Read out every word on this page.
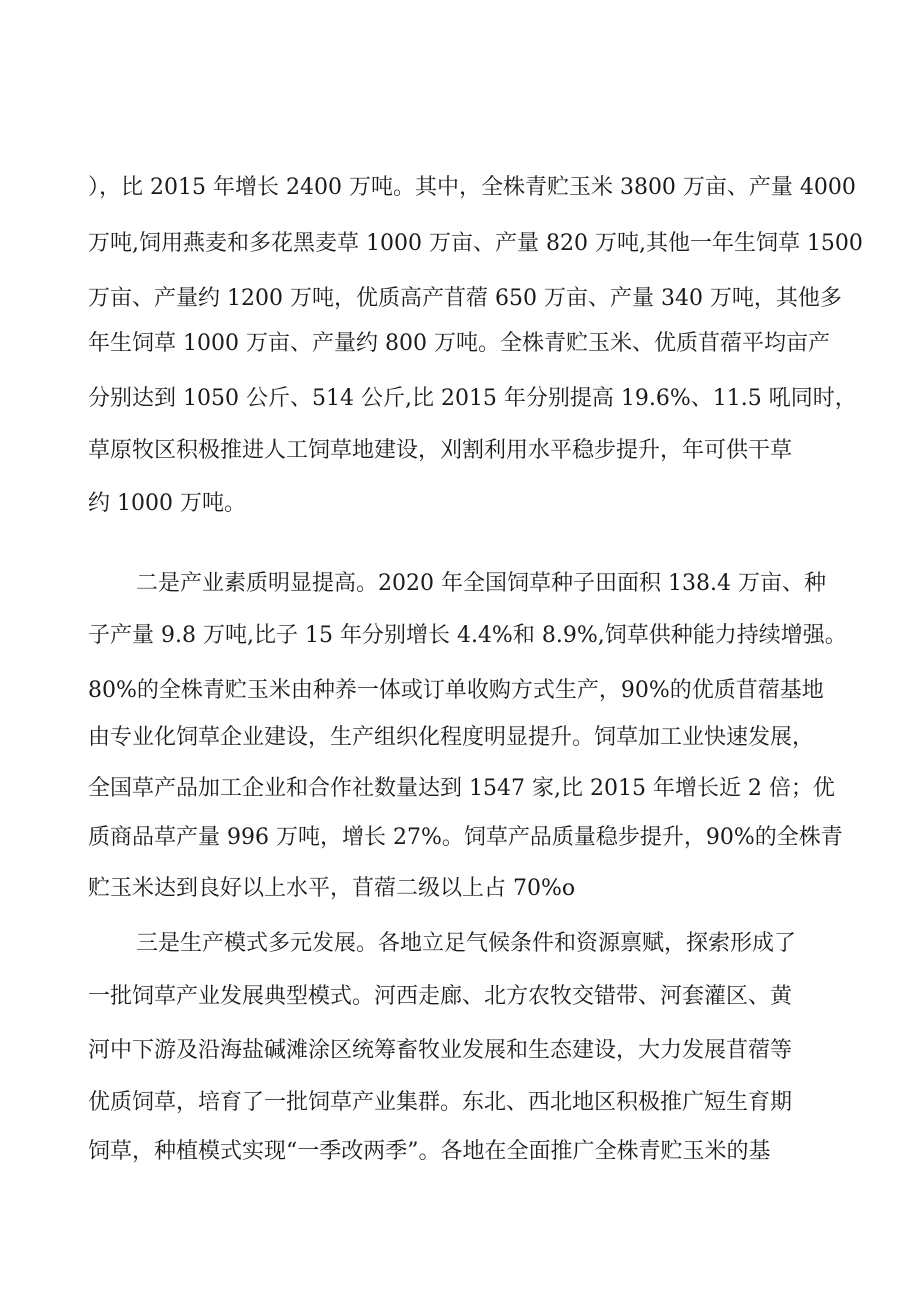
），比 2015 年增长 2400 万吨。其中，全株青贮玉米 3800 万亩、产量 4000
万吨,饲用燕麦和多花黑麦草 1000 万亩、产量 820 万吨,其他一年生饲草 1500
万亩、产量约 1200 万吨，优质高产苜蓿 650 万亩、产量 340 万吨，其他多
年生饲草 1000 万亩、产量约 800 万吨。全株青贮玉米、优质苜蓿平均亩产
分别达到 1050 公斤、514 公斤,比 2015 年分别提高 19.6%、11.5 吼同时，
草原牧区积极推进人工饲草地建设，刈割利用水平稳步提升，年可供干草
约 1000 万吨。
二是产业素质明显提高。2020 年全国饲草种子田面积 138.4 万亩、种
子产量 9.8 万吨,比子 15 年分别增长 4.4%和 8.9%,饲草供种能力持续增强。
80%的全株青贮玉米由种养一体或订单收购方式生产，90%的优质苜蓿基地
由专业化饲草企业建设，生产组织化程度明显提升。饲草加工业快速发展，
全国草产品加工企业和合作社数量达到 1547 家,比 2015 年增长近 2 倍；优
质商品草产量 996 万吨，增长 27%。饲草产品质量稳步提升，90%的全株青
贮玉米达到良好以上水平，苜蓿二级以上占 70%o
三是生产模式多元发展。各地立足气候条件和资源禀赋，探索形成了
一批饲草产业发展典型模式。河西走廊、北方农牧交错带、河套灌区、黄
河中下游及沿海盐碱滩涂区统筹畜牧业发展和生态建设，大力发展苜蓿等
优质饲草，培育了一批饲草产业集群。东北、西北地区积极推广短生育期
饲草，种植模式实现“一季改两季”。各地在全面推广全株青贮玉米的基
